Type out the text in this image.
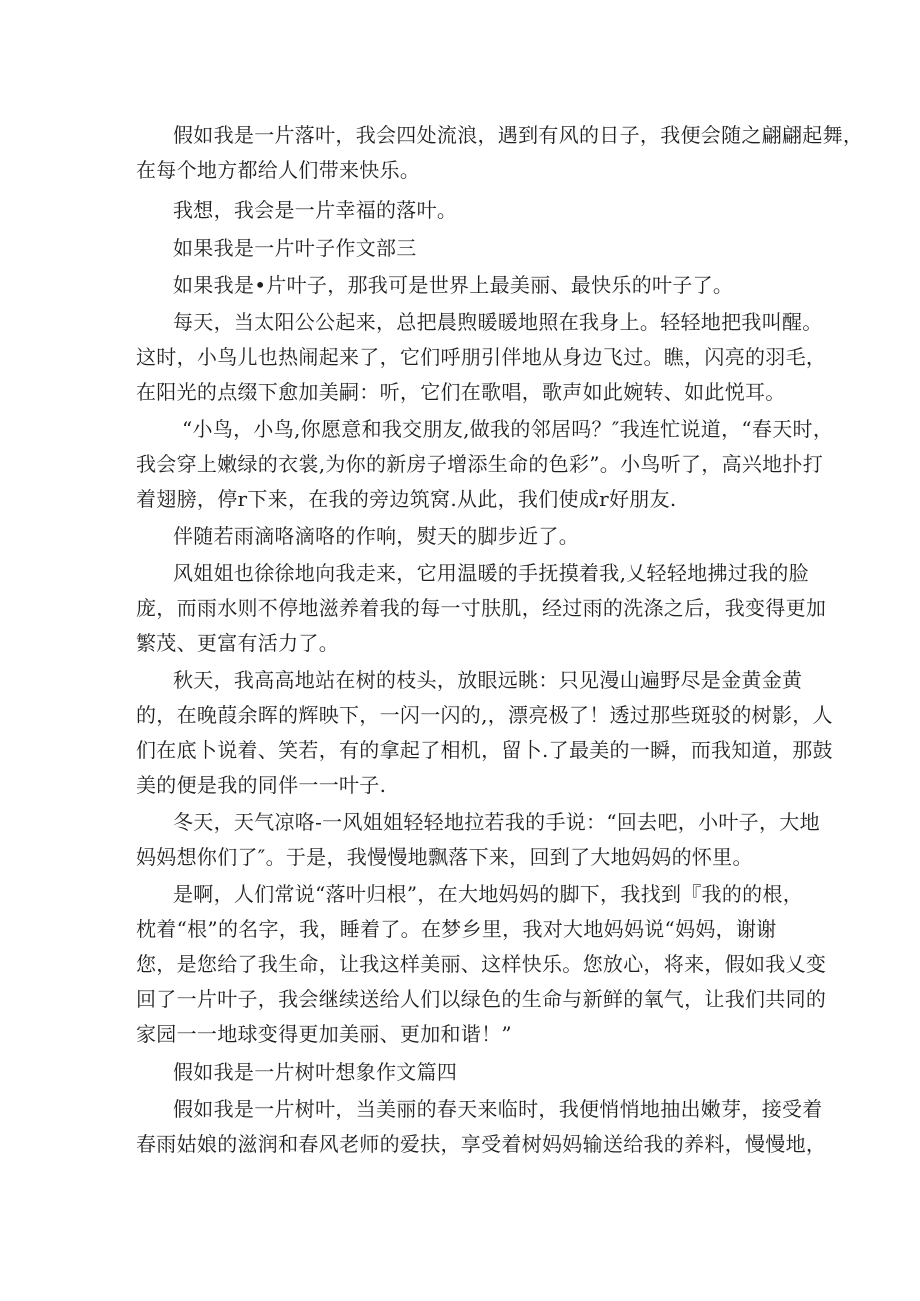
假如我是一片落叶，我会四处流浪，遇到有风的日子，我便会随之翩翩起舞，
在每个地方都给人们带来快乐。
我想，我会是一片幸福的落叶。
如果我是一片叶子作文部三
如果我是•片叶子，那我可是世界上最美丽、最快乐的叶子了。
每天，当太阳公公起来，总把晨煦暖暖地照在我身上。轻轻地把我叫醒。
这时，小鸟儿也热闹起来了，它们呼朋引伴地从身边飞过。瞧，闪亮的羽毛，
在阳光的点缀下愈加美嗣：听，它们在歌唱，歌声如此婉转、如此悦耳。
“小鸟，小鸟,你愿意和我交朋友,做我的邻居吗？″我连忙说道，“春天时，
我会穿上嫩绿的衣裳,为你的新房子增添生命的色彩”。小鸟听了，高兴地扑打
着翅膀，停r下来，在我的旁边筑窝.从此，我们使成r好朋友.
伴随若雨滴咯滴咯的作响，熨天的脚步近了。
风姐姐也徐徐地向我走来，它用温暖的手抚摸着我,乂轻轻地拂过我的脸
庞，而雨水则不停地滋养着我的每一寸肤肌，经过雨的洗涤之后，我变得更加
繁茂、更富有活力了。
秋天，我高高地站在树的枝头，放眼远眺：只见漫山遍野尽是金黄金黄
的，在晚葭余晖的辉映下，一闪一闪的,，漂亮极了！透过那些斑驳的树影，人
们在底卜说着、笑若，有的拿起了相机，留卜.了最美的一瞬，而我知道，那鼓
美的便是我的同伴一一叶子.
冬天，天气凉咯-一风姐姐轻轻地拉若我的手说：“回去吧，小叶子，大地
妈妈想你们了″。于是，我慢慢地飘落下来，回到了大地妈妈的怀里。
是啊，人们常说“落叶归根”，在大地妈妈的脚下，我找到『我的的根，
枕着“根”的名字，我，睡着了。在梦乡里，我对大地妈妈说“妈妈，谢谢
您，是您给了我生命，让我这样美丽、这样快乐。您放心，将来，假如我乂变
回了一片叶子，我会继续送给人们以绿色的生命与新鲜的氧气，让我们共同的
家园一一地球变得更加美丽、更加和谐！”
假如我是一片树叶想象作文篇四
假如我是一片树叶，当美丽的春天来临时，我便悄悄地抽出嫩芽，接受着
春雨姑娘的滋润和春风老师的爱扶，享受着树妈妈输送给我的养料，慢慢地，
